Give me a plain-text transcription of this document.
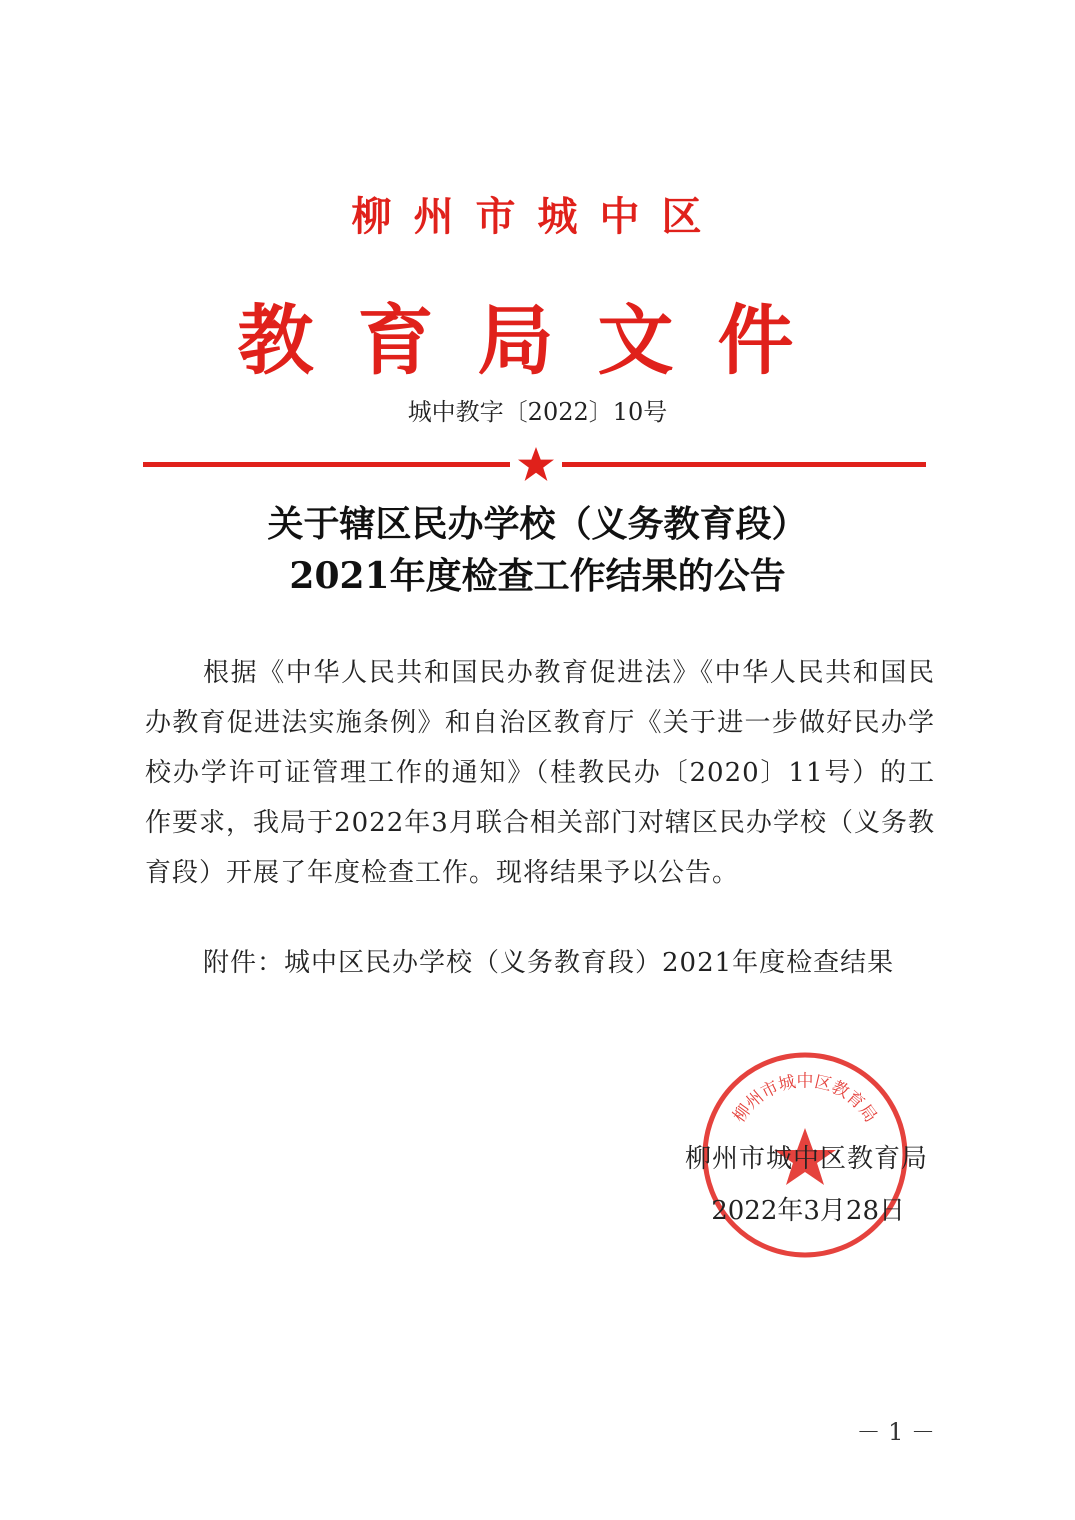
柳州市城中区
教育局文件
城中教字〔2022〕10号
关于辖区民办学校（义务教育段）
2021年度检查工作结果的公告
根据《中华人民共和国民办教育促进法》《中华人民共和国民办教育促进法实施条例》和自治区教育厅《关于进一步做好民办学校办学许可证管理工作的通知》（桂教民办〔2020〕11号）的工作要求，我局于2022年3月联合相关部门对辖区民办学校（义务教育段）开展了年度检查工作。现将结果予以公告。
附件：城中区民办学校（义务教育段）2021年度检查结果
柳州市城中区教育局
柳州市城中区教育局
2022年3月28日
－ 1 －
